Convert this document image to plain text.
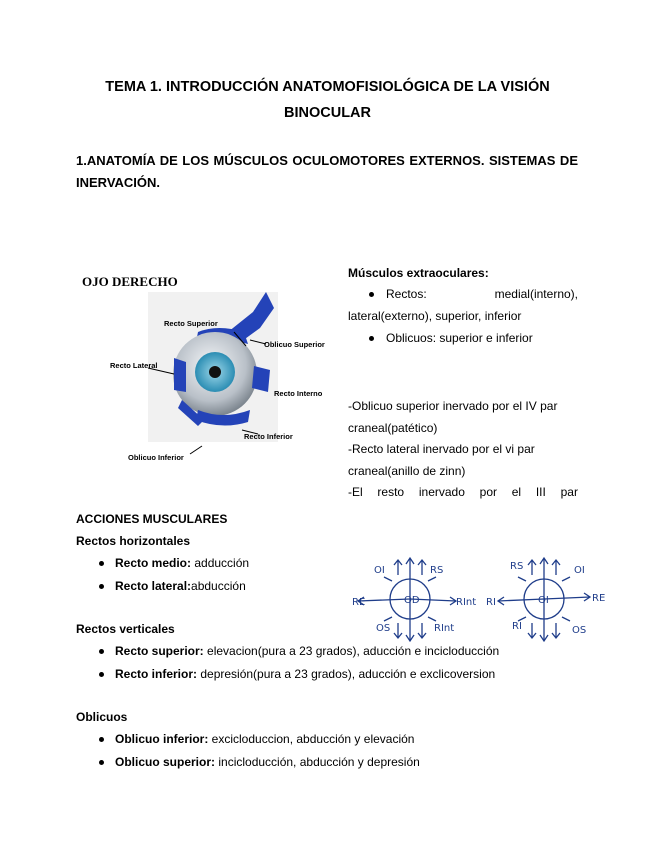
TEMA 1. INTRODUCCIÓN ANATOMOFISIOLÓGICA DE LA VISIÓN
BINOCULAR
1.ANATOMÍA DE LOS MÚSCULOS OCULOMOTORES EXTERNOS. SISTEMAS DE INERVACIÓN.
OJO DERECHO
Recto Superior
Oblicuo Superior
Recto Lateral
Recto Interno
Recto Inferior
Oblicuo Inferior
Músculos extraoculares:
Rectos:	medial(interno),
lateral(externo), superior, inferior
Oblicuos: superior e inferior
-Oblicuo superior inervado por el IV par
craneal(patético)
-Recto lateral inervado por el vi par
craneal(anillo de zinn)
-El resto inervado por el III par
ACCIONES MUSCULARES
Rectos horizontales
Recto medio: adducción
Recto lateral:abducción
Rectos verticales
Recto superior: elevacion(pura a 23 grados), aducción e incicloducción
Recto inferior: depresión(pura a 23 grados), aducción e exclicoversion
Oblicuos
Oblicuo inferior: excicloduccion, abducción y elevación
Oblicuo superior: incicloducción, abducción y depresión
OD
OI	RS
RE	RInt
OS	RInt
OI
RS	OI
RI	RE
RI	OS
